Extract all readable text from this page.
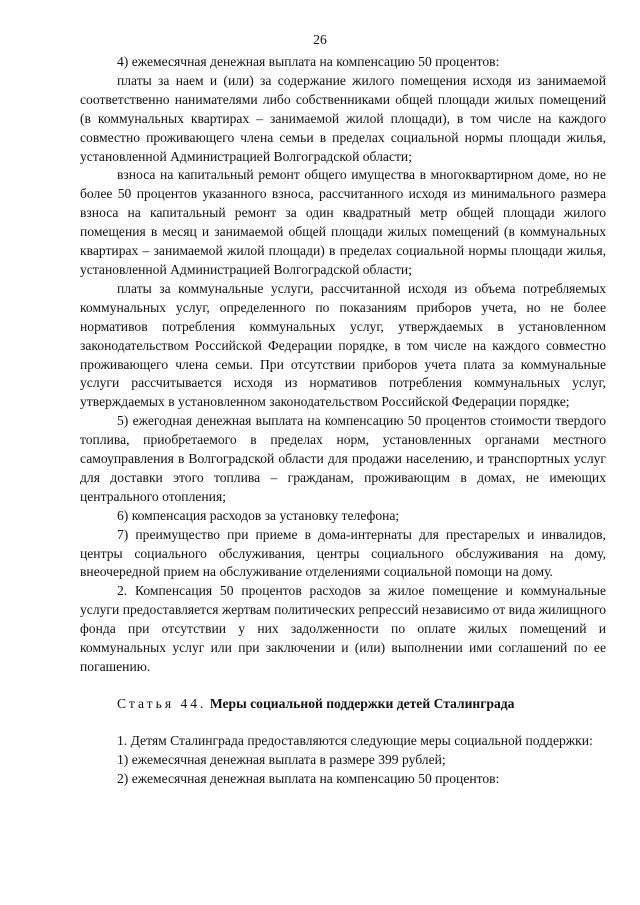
26

4) ежемесячная денежная выплата на компенсацию 50 процентов:

платы за наем и (или) за содержание жилого помещения исходя из занимаемой соответственно нанимателями либо собственниками общей площади жилых помещений (в коммунальных квартирах – занимаемой жилой площади), в том числе на каждого совместно проживающего члена семьи в пределах социальной нормы площади жилья, установленной Администрацией Волгоградской области;

взноса на капитальный ремонт общего имущества в многоквартирном доме, но не более 50 процентов указанного взноса, рассчитанного исходя из минимального размера взноса на капитальный ремонт за один квадратный метр общей площади жилого помещения в месяц и занимаемой общей площади жилых помещений (в коммунальных квартирах – занимаемой жилой площади) в пределах социальной нормы площади жилья, установленной Администрацией Волгоградской области;

платы за коммунальные услуги, рассчитанной исходя из объема потребляемых коммунальных услуг, определенного по показаниям приборов учета, но не более нормативов потребления коммунальных услуг, утверждаемых в установленном законодательством Российской Федерации порядке, в том числе на каждого совместно проживающего члена семьи. При отсутствии приборов учета плата за коммунальные услуги рассчитывается исходя из нормативов потребления коммунальных услуг, утверждаемых в установленном законодательством Российской Федерации порядке;

5) ежегодная денежная выплата на компенсацию 50 процентов стоимости твердого топлива, приобретаемого в пределах норм, установленных органами местного самоуправления в Волгоградской области для продажи населению, и транспортных услуг для доставки этого топлива – гражданам, проживающим в домах, не имеющих центрального отопления;

6) компенсация расходов за установку телефона;

7) преимущество при приеме в дома-интернаты для престарелых и инвалидов, центры социального обслуживания, центры социального обслуживания на дому, внеочередной прием на обслуживание отделениями социальной помощи на дому.

2. Компенсация 50 процентов расходов за жилое помещение и коммунальные услуги предоставляется жертвам политических репрессий независимо от вида жилищного фонда при отсутствии у них задолженности по оплате жилых помещений и коммунальных услуг или при заключении и (или) выполнении ими соглашений по ее погашению.

Статья 44. Меры социальной поддержки детей Сталинграда

1. Детям Сталинграда предоставляются следующие меры социальной поддержки:

1) ежемесячная денежная выплата в размере 399 рублей;

2) ежемесячная денежная выплата на компенсацию 50 процентов:
